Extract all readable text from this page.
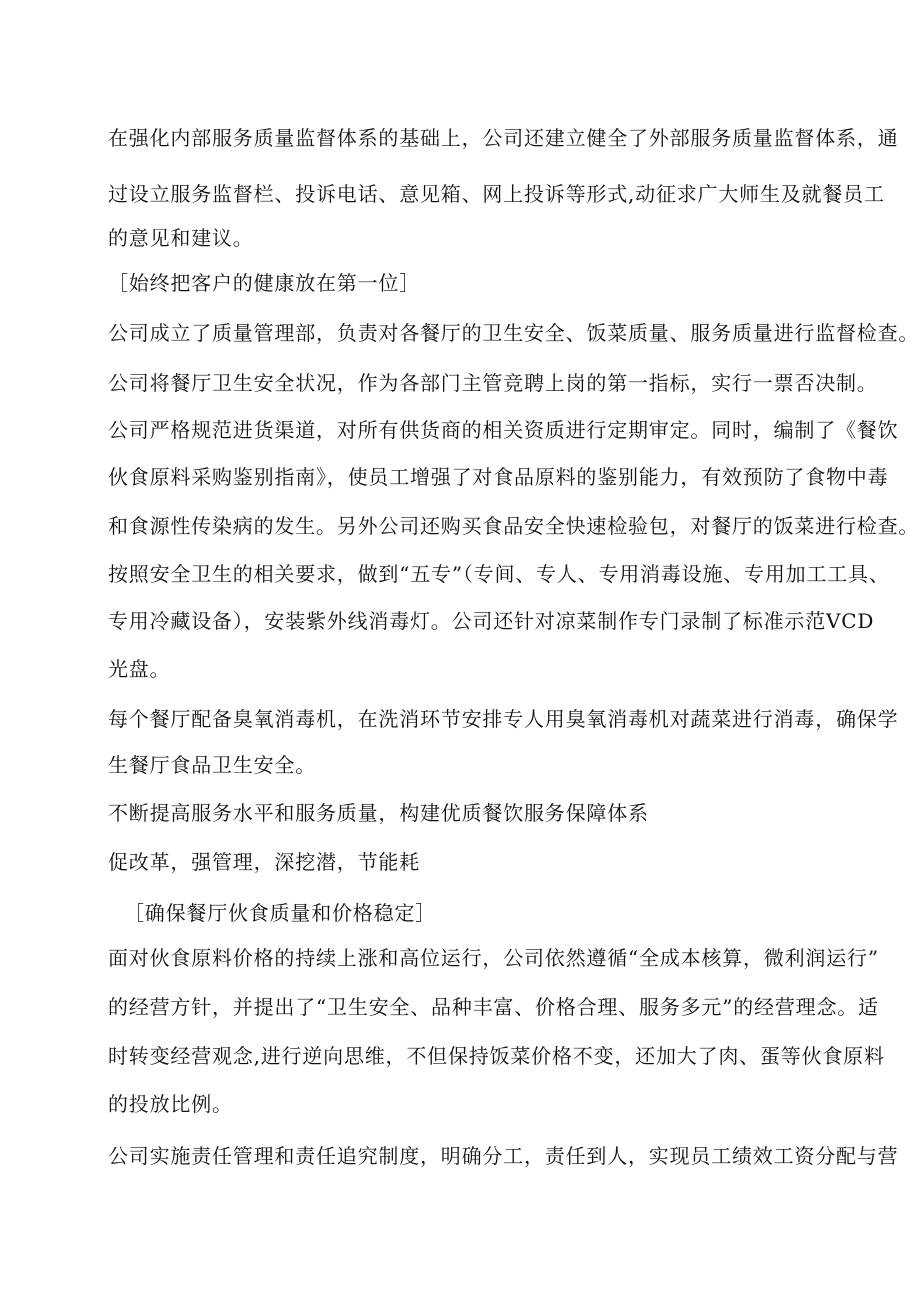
在强化内部服务质量监督体系的基础上，公司还建立健全了外部服务质量监督体系，通
过设立服务监督栏、投诉电话、意见箱、网上投诉等形式,动征求广大师生及就餐员工
的意见和建议。
［始终把客户的健康放在第一位］
公司成立了质量管理部，负责对各餐厅的卫生安全、饭菜质量、服务质量进行监督检查。
公司将餐厅卫生安全状况，作为各部门主管竞聘上岗的第一指标，实行一票否决制。
公司严格规范进货渠道，对所有供货商的相关资质进行定期审定。同时，编制了《餐饮
伙食原料采购鉴别指南》，使员工增强了对食品原料的鉴别能力，有效预防了食物中毒
和食源性传染病的发生。另外公司还购买食品安全快速检验包，对餐厅的饭菜进行检查。
按照安全卫生的相关要求，做到“五专”（专间、专人、专用消毒设施、专用加工工具、
专用冷藏设备），安装紫外线消毒灯。公司还针对凉菜制作专门录制了标准示范VCD
光盘。
每个餐厅配备臭氧消毒机，在洗消环节安排专人用臭氧消毒机对蔬菜进行消毒，确保学
生餐厅食品卫生安全。
不断提高服务水平和服务质量，构建优质餐饮服务保障体系
促改革，强管理，深挖潜，节能耗
［确保餐厅伙食质量和价格稳定］
面对伙食原料价格的持续上涨和高位运行，公司依然遵循“全成本核算，微利润运行”
的经营方针，并提出了“卫生安全、品种丰富、价格合理、服务多元”的经营理念。适
时转变经营观念,进行逆向思维，不但保持饭菜价格不变，还加大了肉、蛋等伙食原料
的投放比例。
公司实施责任管理和责任追究制度，明确分工，责任到人，实现员工绩效工资分配与营
